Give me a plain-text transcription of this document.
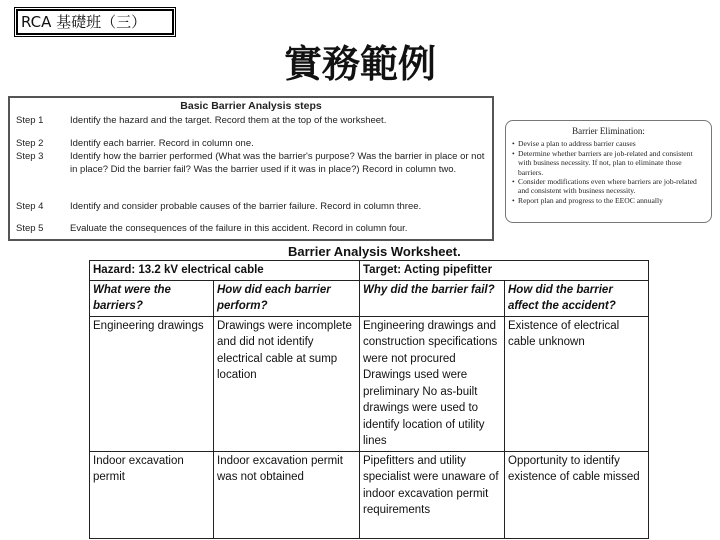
RCA 基礎班（三）
實務範例
Basic Barrier Analysis steps
Step 1	Identify the hazard and the target. Record them at the top of the worksheet.
Step 2	Identify each barrier. Record in column one.
Step 3	Identify how the barrier performed (What was the barrier's purpose? Was the barrier in place or not in place? Did the barrier fail? Was the barrier used if it was in place?) Record in column two.
Step 4	Identify and consider probable causes of the barrier failure. Record in column three.
Step 5	Evaluate the consequences of the failure in this accident. Record in column four.
Barrier Elimination:
• Devise a plan to address barrier causes
• Determine whether barriers are job-related and consistent with business necessity. If not, plan to eliminate those barriers.
• Consider modifications even where barriers are job-related and consistent with business necessity.
• Report plan and progress to the EEOC annually
Barrier Analysis Worksheet.
Hazard: 13.2 kV electrical cable		Target: Acting pipefitter	
What were the barriers?	How did each barrier perform?	Why did the barrier fail?	How did the barrier affect the accident?
Engineering drawings	Drawings were incomplete and did not identify electrical cable at sump location	Engineering drawings and construction specifications were not procured Drawings used were preliminary No as-built drawings were used to identify location of utility lines	Existence of electrical cable unknown
Indoor excavation permit	Indoor excavation permit was not obtained	Pipefitters and utility specialist were unaware of indoor excavation permit requirements	Opportunity to identify existence of cable missed
